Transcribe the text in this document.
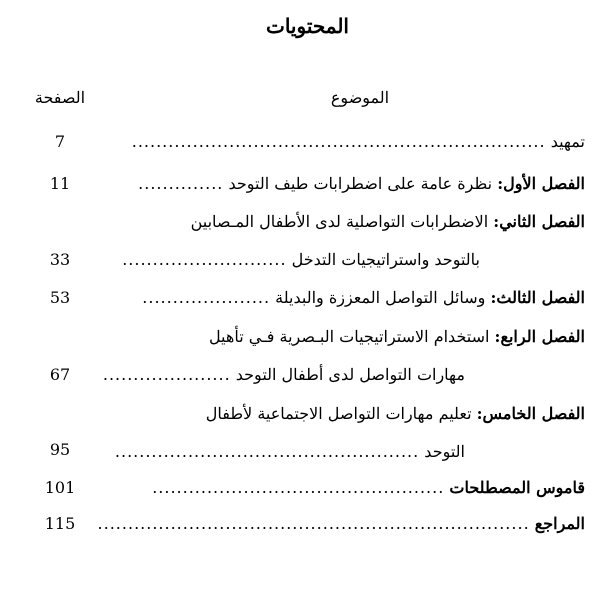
المحتويات
الموضوع
الصفحة
تمهيد ....................................................................
7
الفصل الأول: نظرة عامة على اضطرابات طيف التوحد ..............
11
الفصل الثاني: الاضطرابات التواصلية لدى الأطفال المـصابين
بالتوحد واستراتيجيات التدخل ...........................
33
الفصل الثالث: وسائل التواصل المعززة والبديلة .....................
53
الفصل الرابع: استخدام الاستراتيجيات البـصرية فـي تأهيل
مهارات التواصل لدى أطفال التوحد .....................
67
الفصل الخامس: تعليم مهارات التواصل الاجتماعية لأطفال
التوحد ..................................................
95
قاموس المصطلحات ................................................
101
المراجع .......................................................................
115
